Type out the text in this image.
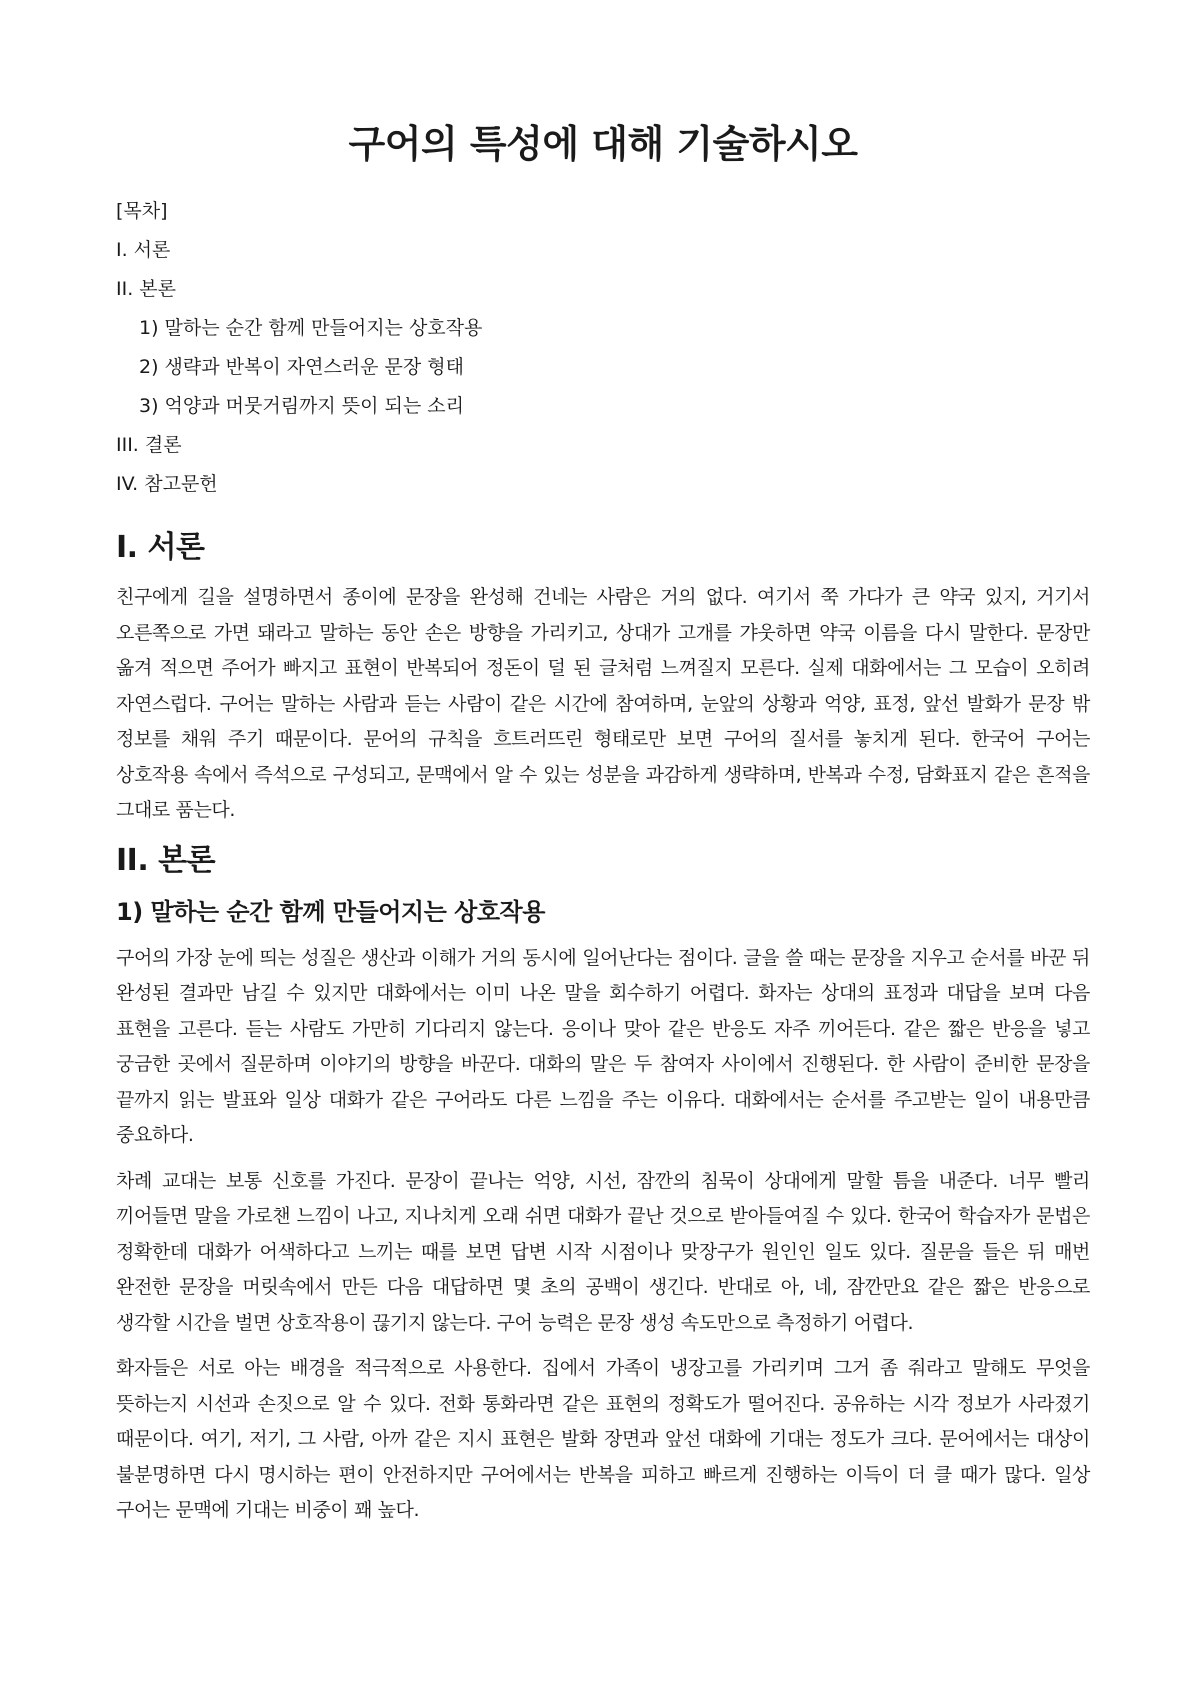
구어의 특성에 대해 기술하시오
[목차]
I. 서론
II. 본론
1) 말하는 순간 함께 만들어지는 상호작용
2) 생략과 반복이 자연스러운 문장 형태
3) 억양과 머뭇거림까지 뜻이 되는 소리
III. 결론
IV. 참고문헌
I. 서론

친구에게 길을 설명하면서 종이에 문장을 완성해 건네는 사람은 거의 없다. 여기서 쭉 가다가 큰 약국 있지, 거기서 오른쪽으로 가면 돼라고 말하는 동안 손은 방향을 가리키고, 상대가 고개를 갸웃하면 약국 이름을 다시 말한다. 문장만 옮겨 적으면 주어가 빠지고 표현이 반복되어 정돈이 덜 된 글처럼 느껴질지 모른다. 실제 대화에서는 그 모습이 오히려 자연스럽다. 구어는 말하는 사람과 듣는 사람이 같은 시간에 참여하며, 눈앞의 상황과 억양, 표정, 앞선 발화가 문장 밖 정보를 채워 주기 때문이다. 문어의 규칙을 흐트러뜨린 형태로만 보면 구어의 질서를 놓치게 된다. 한국어 구어는 상호작용 속에서 즉석으로 구성되고, 문맥에서 알 수 있는 성분을 과감하게 생략하며, 반복과 수정, 담화표지 같은 흔적을 그대로 품는다.

II. 본론
1) 말하는 순간 함께 만들어지는 상호작용

구어의 가장 눈에 띄는 성질은 생산과 이해가 거의 동시에 일어난다는 점이다. 글을 쓸 때는 문장을 지우고 순서를 바꾼 뒤 완성된 결과만 남길 수 있지만 대화에서는 이미 나온 말을 회수하기 어렵다. 화자는 상대의 표정과 대답을 보며 다음 표현을 고른다. 듣는 사람도 가만히 기다리지 않는다. 응이나 맞아 같은 반응도 자주 끼어든다. 같은 짧은 반응을 넣고 궁금한 곳에서 질문하며 이야기의 방향을 바꾼다. 대화의 말은 두 참여자 사이에서 진행된다. 한 사람이 준비한 문장을 끝까지 읽는 발표와 일상 대화가 같은 구어라도 다른 느낌을 주는 이유다. 대화에서는 순서를 주고받는 일이 내용만큼 중요하다.

차례 교대는 보통 신호를 가진다. 문장이 끝나는 억양, 시선, 잠깐의 침묵이 상대에게 말할 틈을 내준다. 너무 빨리 끼어들면 말을 가로챈 느낌이 나고, 지나치게 오래 쉬면 대화가 끝난 것으로 받아들여질 수 있다. 한국어 학습자가 문법은 정확한데 대화가 어색하다고 느끼는 때를 보면 답변 시작 시점이나 맞장구가 원인인 일도 있다. 질문을 들은 뒤 매번 완전한 문장을 머릿속에서 만든 다음 대답하면 몇 초의 공백이 생긴다. 반대로 아, 네, 잠깐만요 같은 짧은 반응으로 생각할 시간을 벌면 상호작용이 끊기지 않는다. 구어 능력은 문장 생성 속도만으로 측정하기 어렵다.

화자들은 서로 아는 배경을 적극적으로 사용한다. 집에서 가족이 냉장고를 가리키며 그거 좀 줘라고 말해도 무엇을 뜻하는지 시선과 손짓으로 알 수 있다. 전화 통화라면 같은 표현의 정확도가 떨어진다. 공유하는 시각 정보가 사라졌기 때문이다. 여기, 저기, 그 사람, 아까 같은 지시 표현은 발화 장면과 앞선 대화에 기대는 정도가 크다. 문어에서는 대상이 불분명하면 다시 명시하는 편이 안전하지만 구어에서는 반복을 피하고 빠르게 진행하는 이득이 더 클 때가 많다. 일상 구어는 문맥에 기대는 비중이 꽤 높다.
